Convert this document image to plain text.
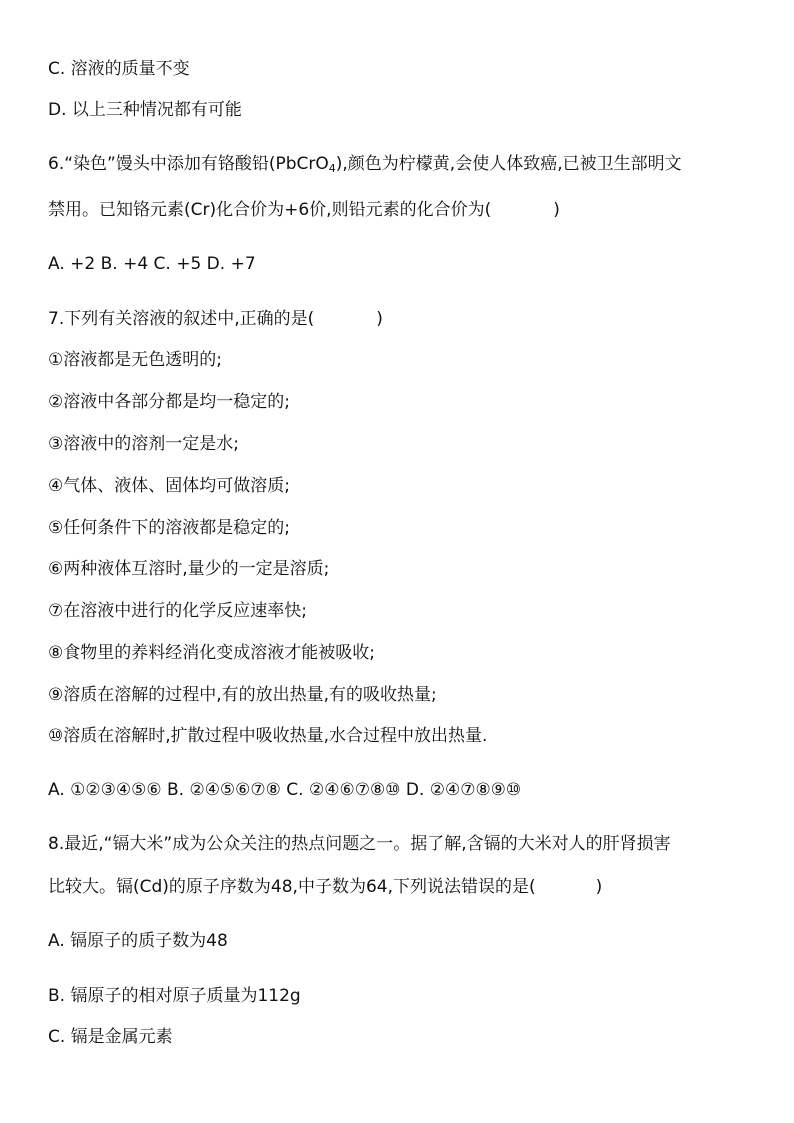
C. 溶液的质量不变
D. 以上三种情况都有可能
6.“染色”馒头中添加有铬酸铅(PbCrO$_4$),颜色为柠檬黄,会使人体致癌,已被卫生部明文
禁用。已知铬元素(Cr)化合价为+6价,则铅元素的化合价为(	)
A. +2 B. +4 C. +5 D. +7
7.下列有关溶液的叙述中,正确的是(	)
①溶液都是无色透明的;
②溶液中各部分都是均一稳定的;
③溶液中的溶剂一定是水;
④气体、液体、固体均可做溶质;
⑤任何条件下的溶液都是稳定的;
⑥两种液体互溶时,量少的一定是溶质;
⑦在溶液中进行的化学反应速率快;
⑧食物里的养料经消化变成溶液才能被吸收;
⑨溶质在溶解的过程中,有的放出热量,有的吸收热量;
⑩溶质在溶解时,扩散过程中吸收热量,水合过程中放出热量.
A. ①②③④⑤⑥ B. ②④⑤⑥⑦⑧ C. ②④⑥⑦⑧⑩ D. ②④⑦⑧⑨⑩
8.最近,“镉大米”成为公众关注的热点问题之一。据了解,含镉的大米对人的肝肾损害
比较大。镉(Cd)的原子序数为48,中子数为64,下列说法错误的是(	)
A. 镉原子的质子数为48
B. 镉原子的相对原子质量为112g
C. 镉是金属元素
